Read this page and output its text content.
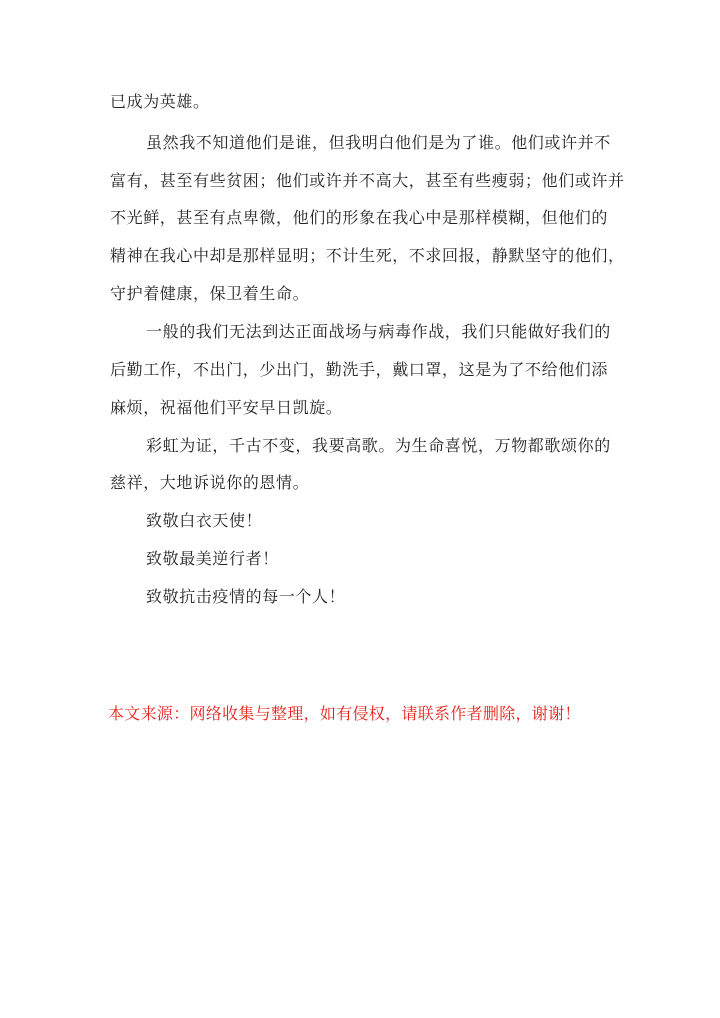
已成为英雄。
虽然我不知道他们是谁，但我明白他们是为了谁。他们或许并不
富有，甚至有些贫困；他们或许并不高大，甚至有些瘦弱；他们或许并
不光鲜，甚至有点卑微，他们的形象在我心中是那样模糊，但他们的
精神在我心中却是那样显明；不计生死，不求回报，静默坚守的他们，
守护着健康，保卫着生命。
一般的我们无法到达正面战场与病毒作战，我们只能做好我们的
后勤工作，不出门，少出门，勤洗手，戴口罩，这是为了不给他们添
麻烦，祝福他们平安早日凯旋。
彩虹为证，千古不变，我要高歌。为生命喜悦，万物都歌颂你的
慈祥，大地诉说你的恩情。
致敬白衣天使！
致敬最美逆行者！
致敬抗击疫情的每一个人！
本文来源：网络收集与整理，如有侵权，请联系作者删除，谢谢！
